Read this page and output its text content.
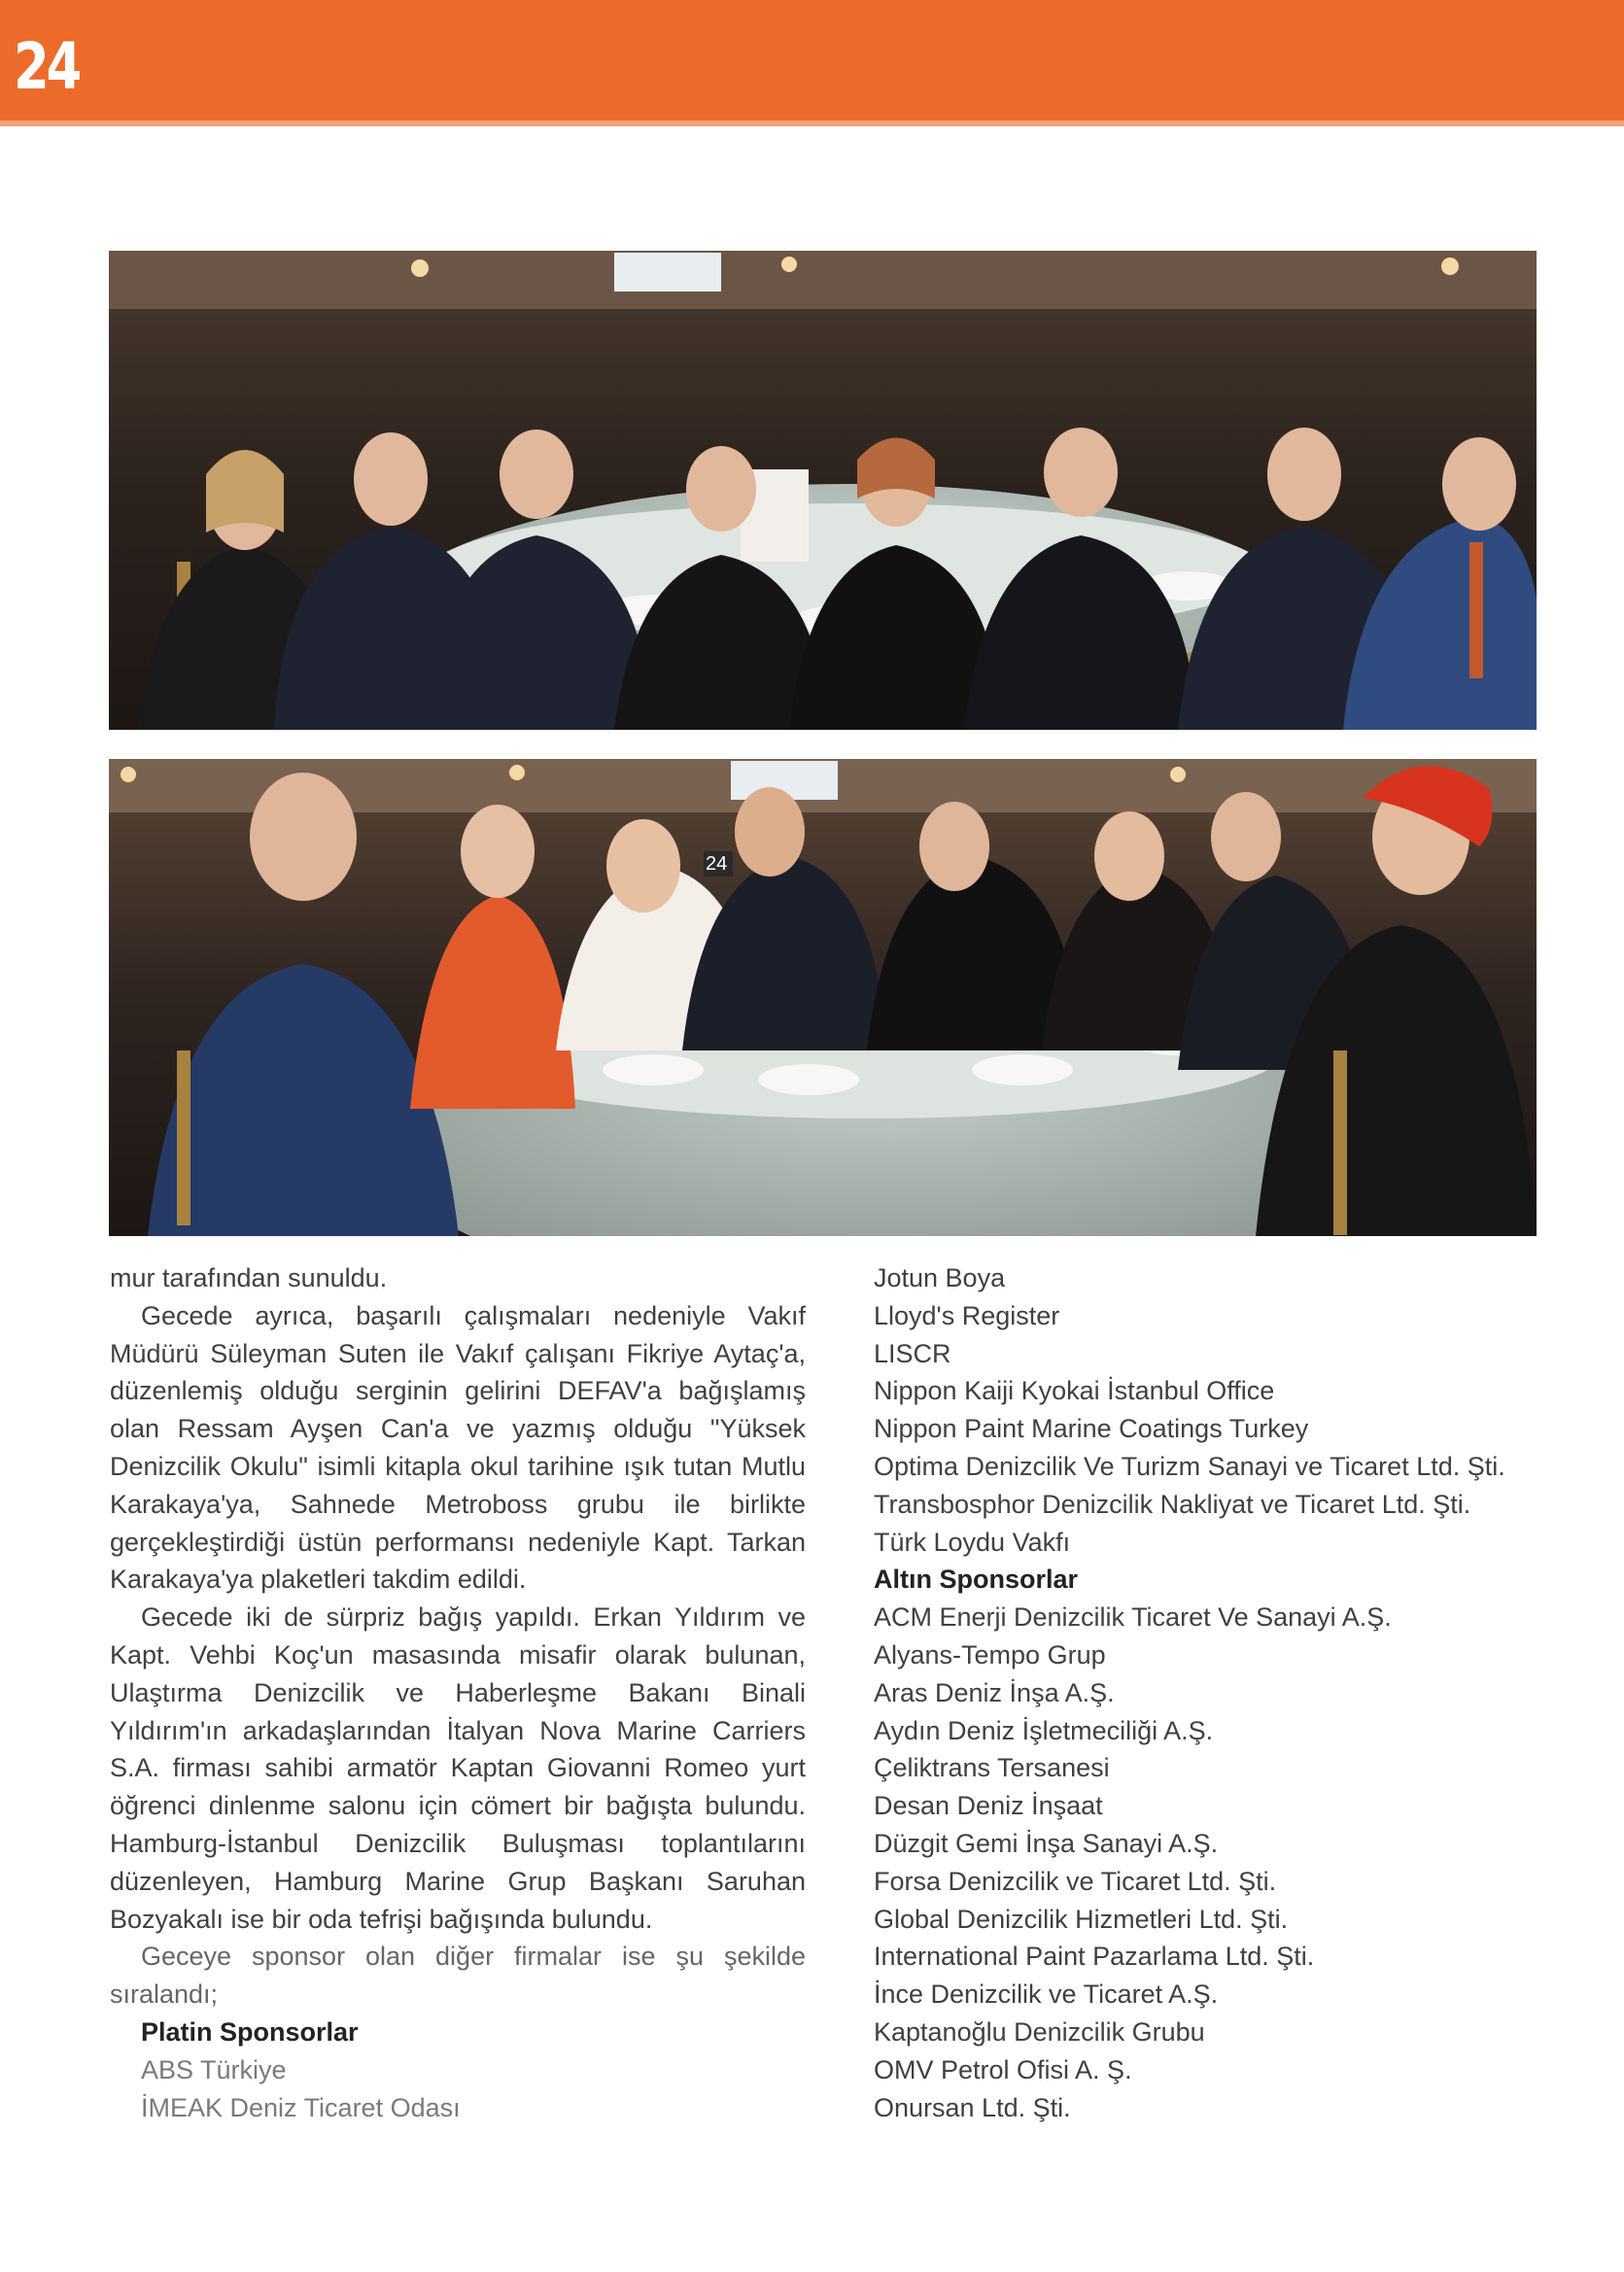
24
24

mur tarafından sunuldu.

Gecede ayrıca, başarılı çalışmaları nedeniyle Vakıf Müdürü Süleyman Suten ile Vakıf çalışanı Fikriye Aytaç'a, düzenlemiş olduğu serginin gelirini DEFAV'a bağışlamış olan Ressam Ayşen Can'a ve yazmış olduğu "Yüksek Denizcilik Okulu" isimli kitapla okul tarihine ışık tutan Mutlu Karakaya'ya, Sahnede Metroboss grubu ile birlikte gerçekleştirdiği üstün performansı nedeniyle Kapt. Tarkan Karakaya'ya plaketleri takdim edildi.

Gecede iki de sürpriz bağış yapıldı. Erkan Yıldırım ve Kapt. Vehbi Koç'un masasında misafir olarak bulunan, Ulaştırma Denizcilik ve Haberleşme Bakanı Binali Yıldırım'ın arkadaşlarından İtalyan Nova Marine Carriers S.A. firması sahibi armatör Kaptan Giovanni Romeo yurt öğrenci dinlenme salonu için cömert bir bağışta bulundu. Hamburg-İstanbul Denizcilik Buluşması toplantılarını düzenleyen, Hamburg Marine Grup Başkanı Saruhan Bozyakalı ise bir oda tefrişi bağışında bulundu.

Geceye sponsor olan diğer firmalar ise şu şekilde sıralandı;

Platin Sponsorlar
ABS Türkiye
İMEAK Deniz Ticaret Odası
Jotun Boya
Lloyd's Register
LISCR
Nippon Kaiji Kyokai İstanbul Office
Nippon Paint Marine Coatings Turkey
Optima Denizcilik Ve Turizm Sanayi ve Ticaret Ltd. Şti.
Transbosphor Denizcilik Nakliyat ve Ticaret Ltd. Şti.
Türk Loydu Vakfı
Altın Sponsorlar
ACM Enerji Denizcilik Ticaret Ve Sanayi A.Ş.
Alyans-Tempo Grup
Aras Deniz İnşa A.Ş.
Aydın Deniz İşletmeciliği A.Ş.
Çeliktrans Tersanesi
Desan Deniz İnşaat
Düzgit Gemi İnşa Sanayi A.Ş.
Forsa Denizcilik ve Ticaret Ltd. Şti.
Global Denizcilik Hizmetleri Ltd. Şti.
International Paint Pazarlama Ltd. Şti.
İnce Denizcilik ve Ticaret A.Ş.
Kaptanoğlu Denizcilik Grubu
OMV Petrol Ofisi A. Ş.
Onursan Ltd. Şti.
